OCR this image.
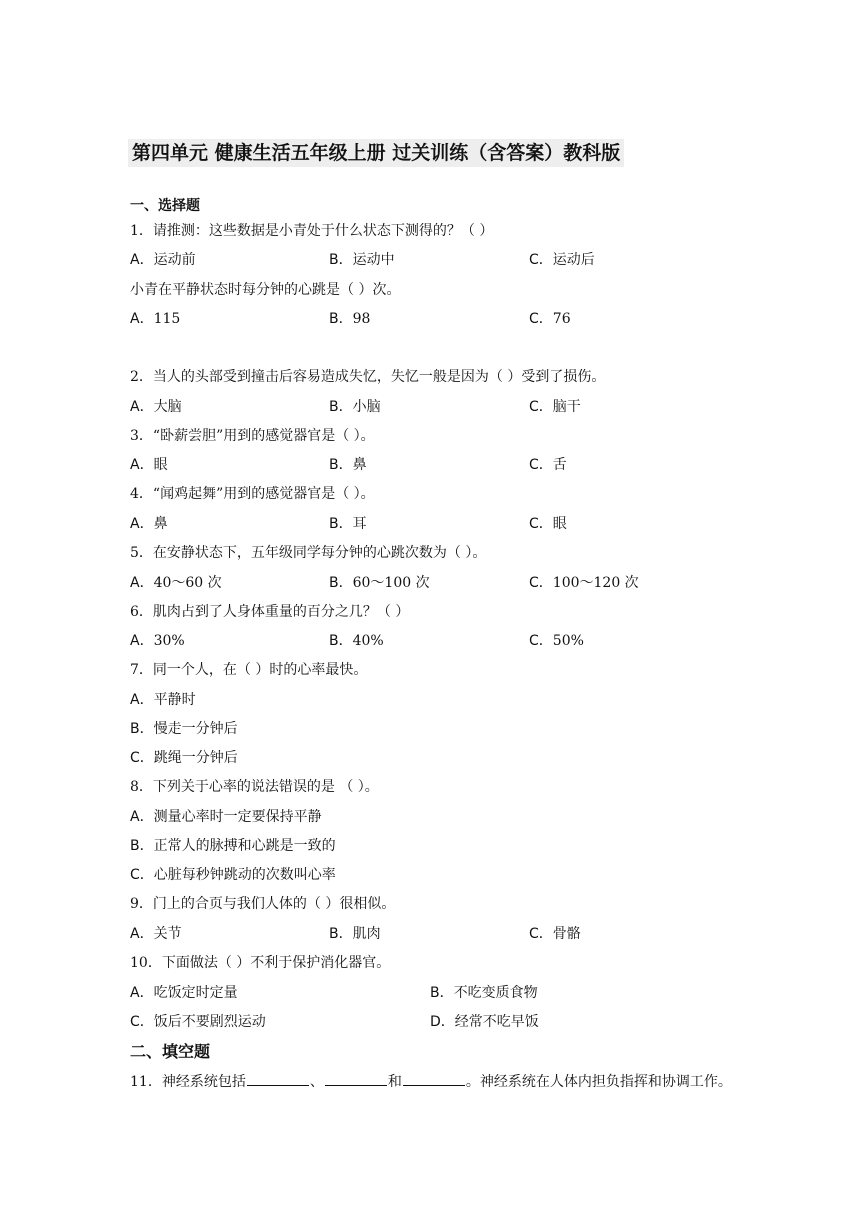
第四单元 健康生活五年级上册 过关训练（含答案）教科版
一、选择题
1．请推测：这些数据是小青处于什么状态下测得的？（ ）
A．运动前	B．运动中	C．运动后
小青在平静状态时每分钟的心跳是（ ）次。
A．115	B．98	C．76
2．当人的头部受到撞击后容易造成失忆，失忆一般是因为（ ）受到了损伤。
A．大脑	B．小脑	C．脑干
3．“卧薪尝胆”用到的感觉器官是（ ）。
A．眼	B．鼻	C．舌
4．“闻鸡起舞”用到的感觉器官是（ ）。
A．鼻	B．耳	C．眼
5．在安静状态下，五年级同学每分钟的心跳次数为（ ）。
A．40～60 次	B．60～100 次	C．100～120 次
6．肌肉占到了人身体重量的百分之几？（ ）
A．30%	B．40%	C．50%
7．同一个人，在（ ）时的心率最快。
A．平静时
B．慢走一分钟后
C．跳绳一分钟后
8．下列关于心率的说法错误的是 （ ）。
A．测量心率时一定要保持平静
B．正常人的脉搏和心跳是一致的
C．心脏每秒钟跳动的次数叫心率
9．门上的合页与我们人体的（ ）很相似。
A．关节	B．肌肉	C．骨骼
10．下面做法（ ）不利于保护消化器官。
A．吃饭定时定量	B．不吃变质食物
C．饭后不要剧烈运动	D．经常不吃早饭
二、填空题
11．神经系统包括	、	和	。神经系统在人体内担负指挥和协调工作。
